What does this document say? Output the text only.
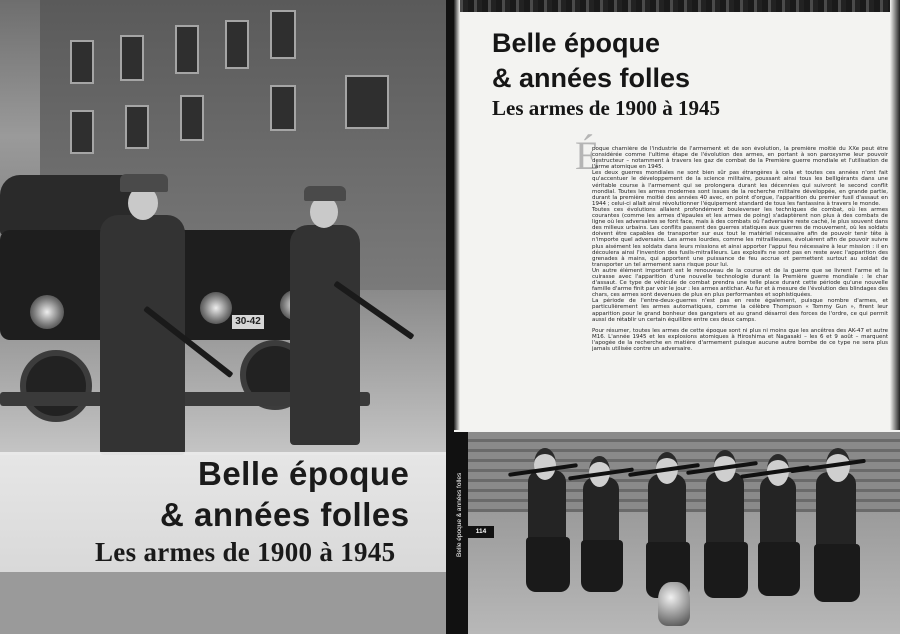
30-42
Belle époque
& années folles
Les armes de 1900 à 1945
Belle époque
& années folles
Les armes de 1900 à 1945
É

poque charnière de l'industrie de l'armement et de son évolution, la première moitié du XXe peut être considérée comme l'ultime étape de l'évolution des armes, en portant à son paroxysme leur pouvoir destructeur – notamment à travers les gaz de combat de la Première guerre mondiale et l'utilisation de l'arme atomique en 1945.

Les deux guerres mondiales ne sont bien sûr pas étrangères à cela et toutes ces années n'ont fait qu'accentuer le développement de la science militaire, poussant ainsi tous les belligérants dans une véritable course à l'armement qui se prolongera durant les décennies qui suivront le second conflit mondial. Toutes les armes modernes sont issues de la recherche militaire développée, en grande partie, durant la première moitié des années 40 avec, en point d'orgue, l'apparition du premier fusil d'assaut en 1944 ; celui-ci allait ainsi révolutionner l'équipement standard de tous les fantassins à travers le monde.

Toutes ces évolutions allaient profondément bouleverser les techniques de combat, où les armes courantes (comme les armes d'épaules et les armes de poing) s'adaptèrent non plus à des combats de ligne où les adversaires se font face, mais à des combats où l'adversaire reste caché, le plus souvent dans des milieux urbains. Les conflits passent des guerres statiques aux guerres de mouvement, où les soldats doivent être capables de transporter sur eux tout le matériel nécessaire afin de pouvoir tenir tête à n'importe quel adversaire. Les armes lourdes, comme les mitrailleuses, évoluèrent afin de pouvoir suivre plus aisément les soldats dans leurs missions et ainsi apporter l'appui feu nécessaire à leur mission : il en découlera ainsi l'invention des fusils-mitrailleurs. Les explosifs ne sont pas en reste avec l'apparition des grenades à mains, qui apportent une puissance de feu accrue et permettent surtout au soldat de transporter un tel armement sans risque pour lui.

Un autre élément important est le renouveau de la course et de la guerre que se livrent l'arme et la cuirasse avec l'apparition d'une nouvelle technologie durant la Première guerre mondiale : le char d'assaut. Ce type de véhicule de combat prendra une telle place durant cette période qu'une nouvelle famille d'arme finit par voir le jour : les armes antichar. Au fur et à mesure de l'évolution des blindages des chars, ces armes sont devenues de plus en plus performantes et sophistiquées.

La période de l'entre-deux-guerres n'est pas en reste également, puisque nombre d'armes, et particulièrement les armes automatiques, comme la célèbre Thompson « Tommy Gun », firent leur apparition pour le grand bonheur des gangsters et au grand désarroi des forces de l'ordre, ce qui permit aussi de rétablir un certain équilibre entre ces deux camps.

Pour résumer, toutes les armes de cette époque sont ni plus ni moins que les ancêtres des AK-47 et autre M16. L'année 1945 et les explosions atomiques à Hiroshima et Nagasaki – les 6 et 9 août – marquent l'apogée de la recherche en matière d'armement puisque aucune autre bombe de ce type ne sera plus jamais utilisée contre un adversaire.

Belle époque & années folles	114
